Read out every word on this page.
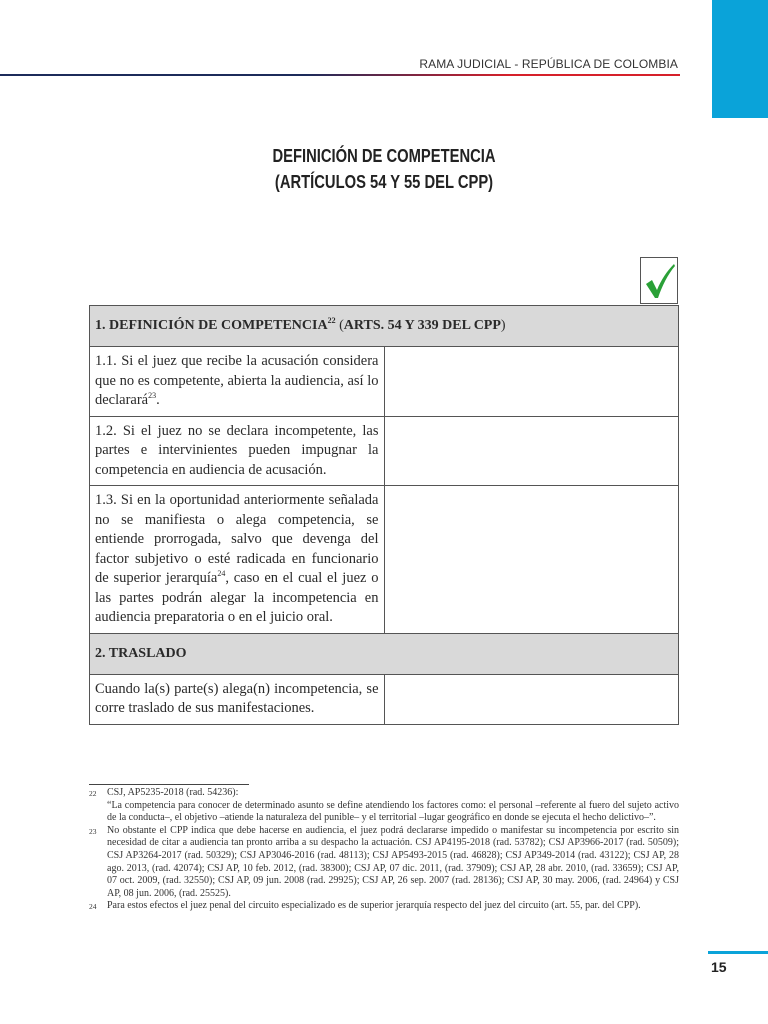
RAMA JUDICIAL - REPÚBLICA DE COLOMBIA
DEFINICIÓN DE COMPETENCIA
(ARTÍCULOS 54 Y 55 DEL CPP)
1. DEFINICIÓN DE COMPETENCIA$^{22}$ (ARTS. 54 Y 339 DEL CPP)	
1.1. Si el juez que recibe la acusación considera que no es competente, abierta la audiencia, así lo declarará$^{23}$.	
1.2. Si el juez no se declara incompetente, las partes e intervinientes pueden impugnar la competencia en audiencia de acusación.	
1.3. Si en la oportunidad anteriormente señalada no se manifiesta o alega competencia, se entiende prorrogada, salvo que devenga del factor subjetivo o esté radicada en funcionario de superior jerarquía$^{24}$, caso en el cual el juez o las partes podrán alegar la incompetencia en audiencia preparatoria o en el juicio oral.	
2. TRASLADO	
Cuando la(s) parte(s) alega(n) incompetencia, se corre traslado de sus manifestaciones.	
22	CSJ, AP5235-2018 (rad. 54236):
“La competencia para conocer de determinado asunto se define atendiendo los factores como: el personal –referente al fuero del sujeto activo de la conducta–, el objetivo –atiende la naturaleza del punible– y el territorial –lugar geográfico en donde se ejecuta el hecho delictivo–”.
23	No obstante el CPP indica que debe hacerse en audiencia, el juez podrá declararse impedido o manifestar su incompetencia por escrito sin necesidad de citar a audiencia tan pronto arriba a su despacho la actuación. CSJ AP4195-2018 (rad. 53782); CSJ AP3966-2017 (rad. 50509); CSJ AP3264-2017 (rad. 50329); CSJ AP3046-2016 (rad. 48113); CSJ AP5493-2015 (rad. 46828); CSJ AP349-2014 (rad. 43122); CSJ AP, 28 ago. 2013, (rad. 42074); CSJ AP, 10 feb. 2012, (rad. 38300); CSJ AP, 07 dic. 2011, (rad. 37909); CSJ AP, 28 abr. 2010, (rad. 33659); CSJ AP, 07 oct. 2009, (rad. 32550); CSJ AP, 09 jun. 2008 (rad. 29925); CSJ AP, 26 sep. 2007 (rad. 28136); CSJ AP, 30 may. 2006, (rad. 24964) y CSJ AP, 08 jun. 2006, (rad. 25525).
24	Para estos efectos el juez penal del circuito especializado es de superior jerarquía respecto del juez del circuito (art. 55, par. del CPP).
15
